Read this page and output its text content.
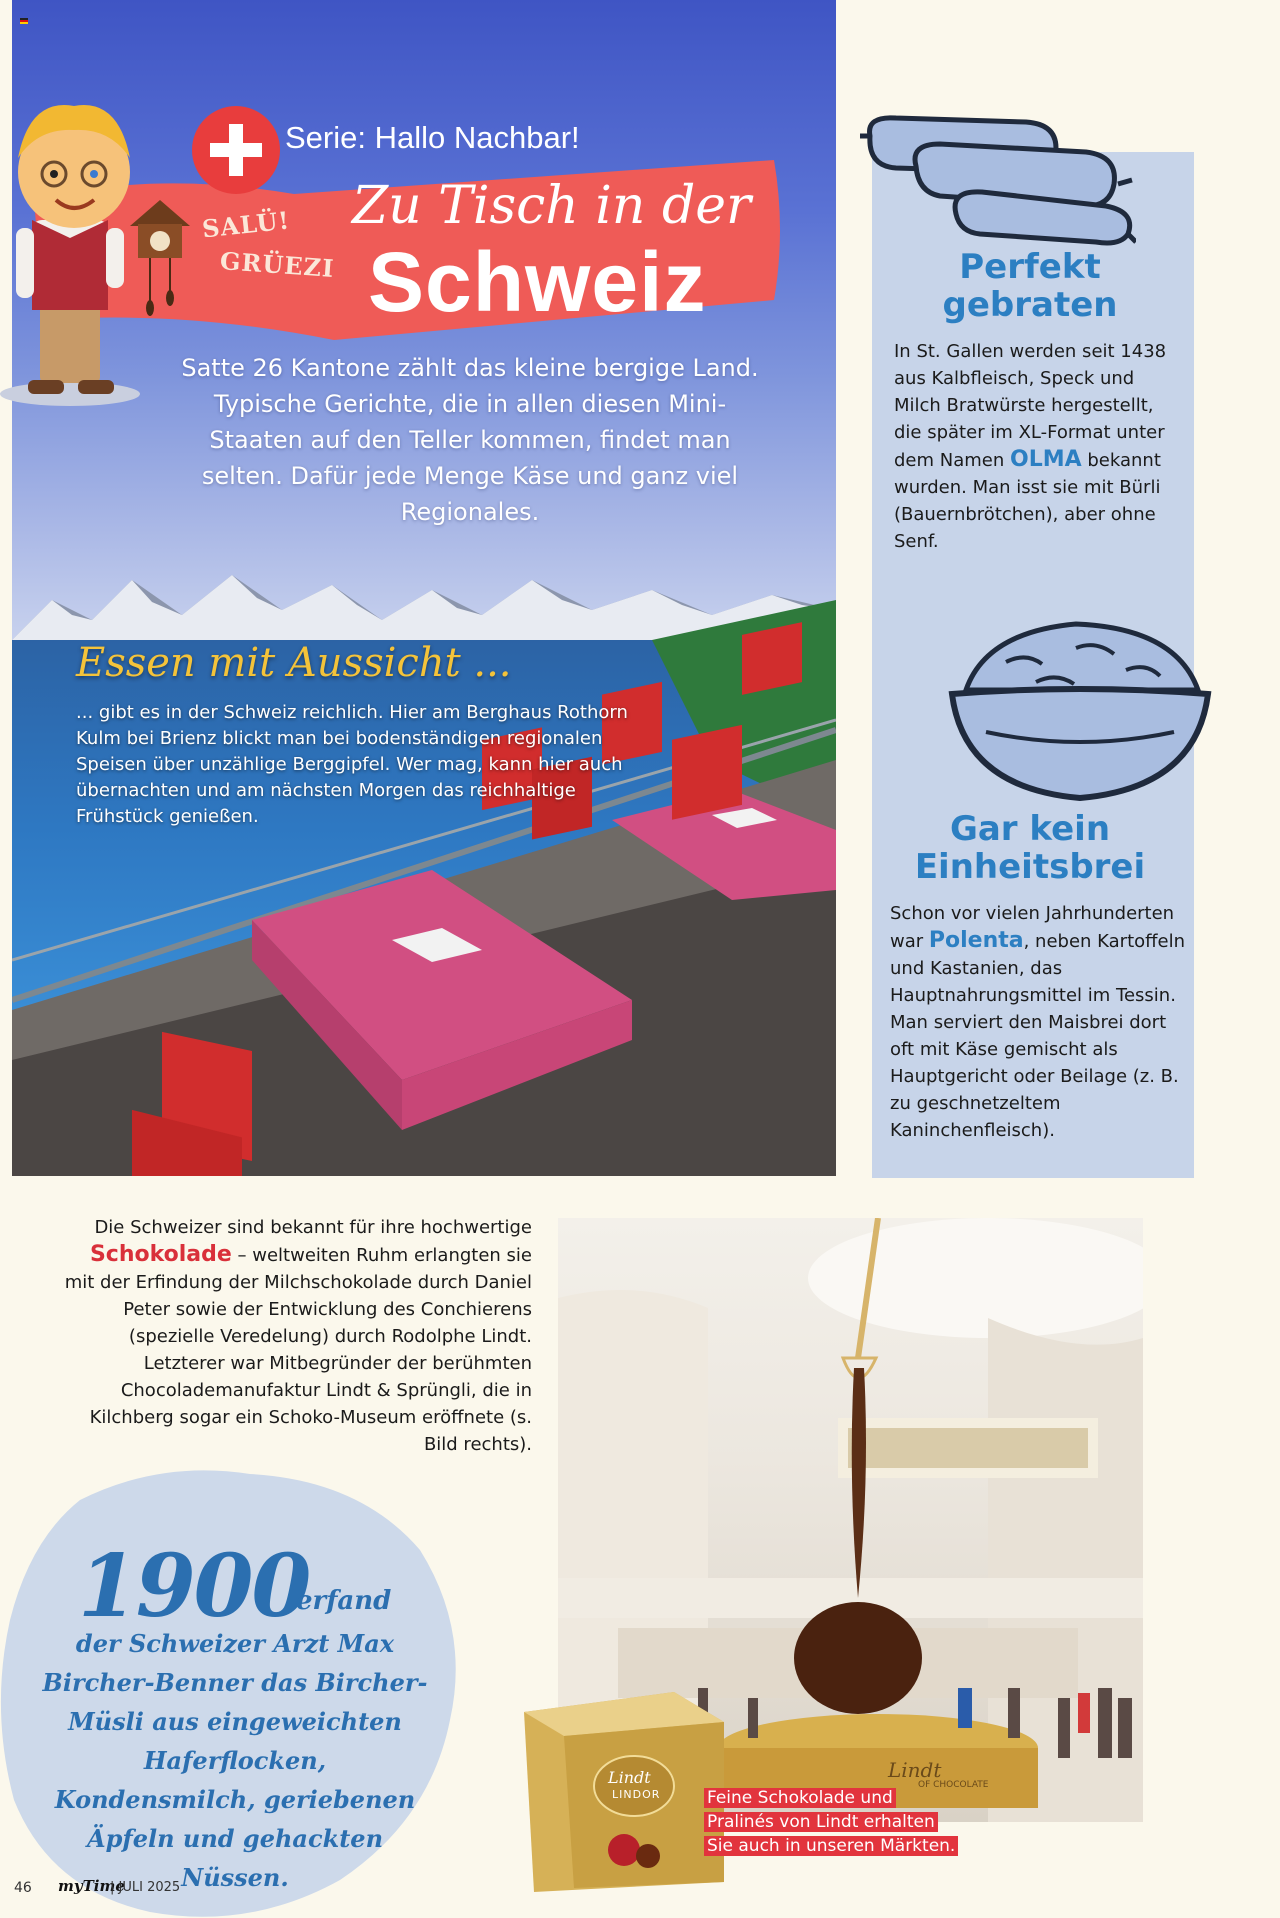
Serie: Hallo Nachbar!
SALÜ!
GRÜEZI
Zu Tisch in der
Schweiz

Satte 26 Kantone zählt das kleine bergige Land. Typische Gerichte, die in allen diesen Mini-Staaten auf den Teller kommen, findet man selten. Dafür jede Menge Käse und ganz viel Regionales.

Essen mit Aussicht ...

... gibt es in der Schweiz reichlich. Hier am Berghaus Rothorn Kulm bei Brienz blickt man bei bodenständigen regionalen Speisen über unzählige Berggipfel. Wer mag, kann hier auch übernachten und am nächsten Morgen das reichhaltige Frühstück genießen.

Perfekt
gebraten

In St. Gallen werden seit 1438 aus Kalbfleisch, Speck und Milch Bratwürste hergestellt, die später im XL-Format unter dem Namen OLMA bekannt wurden. Man isst sie mit Bürli (Bauernbrötchen), aber ohne Senf.

Gar kein
Einheitsbrei

Schon vor vielen Jahrhunderten war Polenta, neben Kartoffeln und Kastanien, das Hauptnahrungsmittel im Tessin. Man serviert den Maisbrei dort oft mit Käse gemischt als Hauptgericht oder Beilage (z. B. zu geschnetzeltem Kaninchenfleisch).

Die Schweizer sind bekannt für ihre hochwertige Schokolade – weltweiten Ruhm erlangten sie mit der Erfindung der Milchschokolade durch Daniel Peter sowie der Entwicklung des Conchierens (spezielle Veredelung) durch Rodolphe Lindt. Letzterer war Mitbegründer der berühmten Chocolademanufaktur Lindt & Sprüngli, die in Kilchberg sogar ein Schoko-Museum eröffnete (s. Bild rechts).

1900
erfand

der Schweizer Arzt Max Bircher-Benner das Bircher-Müsli aus eingeweichten Haferflocken, Kondensmilch, geriebenen Äpfeln und gehackten Nüssen.

Lindt
OF CHOCOLATE
Lindt
LINDOR	Feine Schokolade und
Pralinés von Lindt erhalten
Sie auch in unseren Märkten.
46 myTime
| JULI 2025
